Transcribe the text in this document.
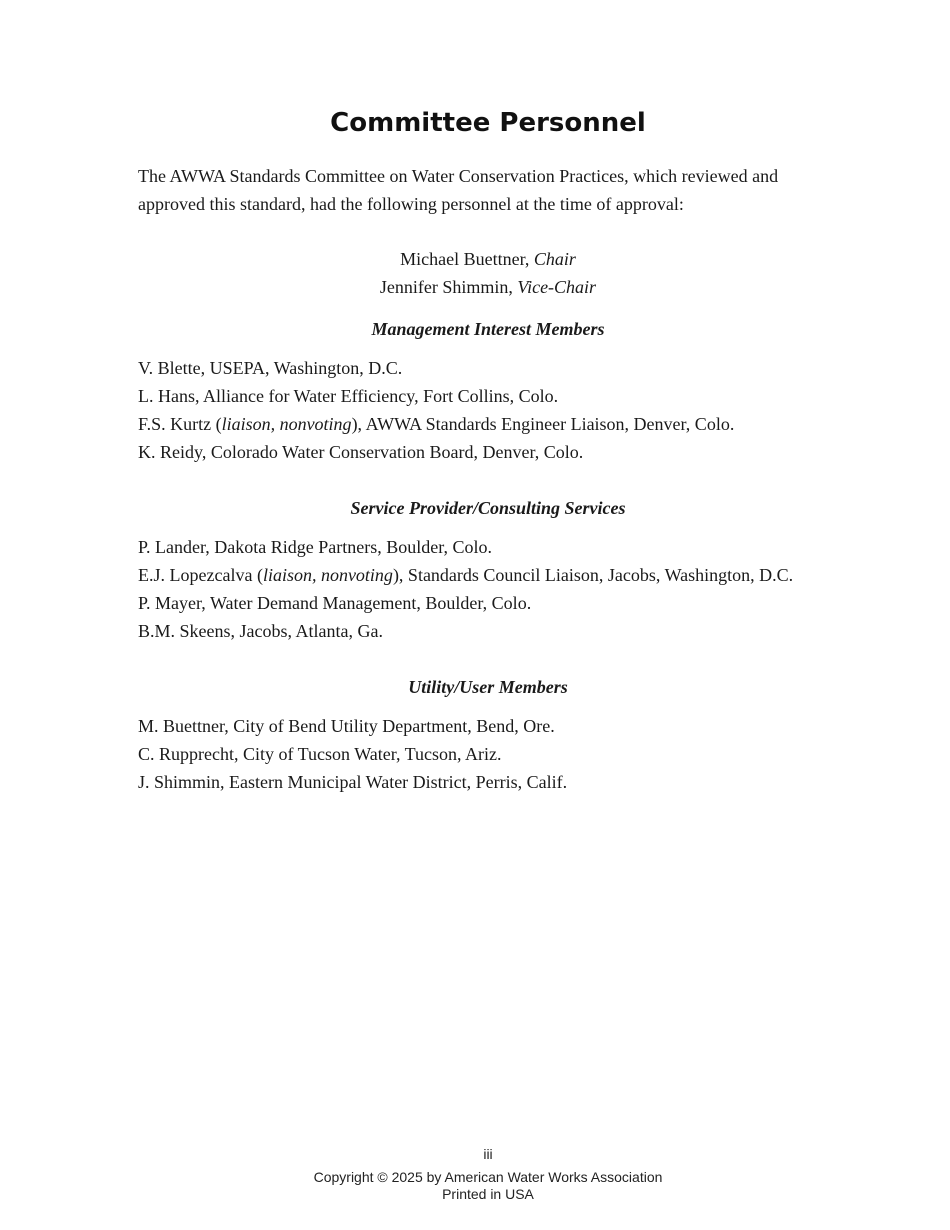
Committee Personnel

The AWWA Standards Committee on Water Conservation Practices, which reviewed and approved this standard, had the following personnel at the time of approval:

Michael Buettner, Chair
Jennifer Shimmin, Vice-Chair
Management Interest Members
V. Blette, USEPA, Washington, D.C.
L. Hans, Alliance for Water Efficiency, Fort Collins, Colo.
F.S. Kurtz (liaison, nonvoting), AWWA Standards Engineer Liaison, Denver, Colo.
K. Reidy, Colorado Water Conservation Board, Denver, Colo.
Service Provider/Consulting Services
P. Lander, Dakota Ridge Partners, Boulder, Colo.
E.J. Lopezcalva (liaison, nonvoting), Standards Council Liaison, Jacobs, Washington, D.C.
P. Mayer, Water Demand Management, Boulder, Colo.
B.M. Skeens, Jacobs, Atlanta, Ga.
Utility/User Members
M. Buettner, City of Bend Utility Department, Bend, Ore.
C. Rupprecht, City of Tucson Water, Tucson, Ariz.
J. Shimmin, Eastern Municipal Water District, Perris, Calif.
iii
Copyright © 2025 by American Water Works Association
Printed in USA
